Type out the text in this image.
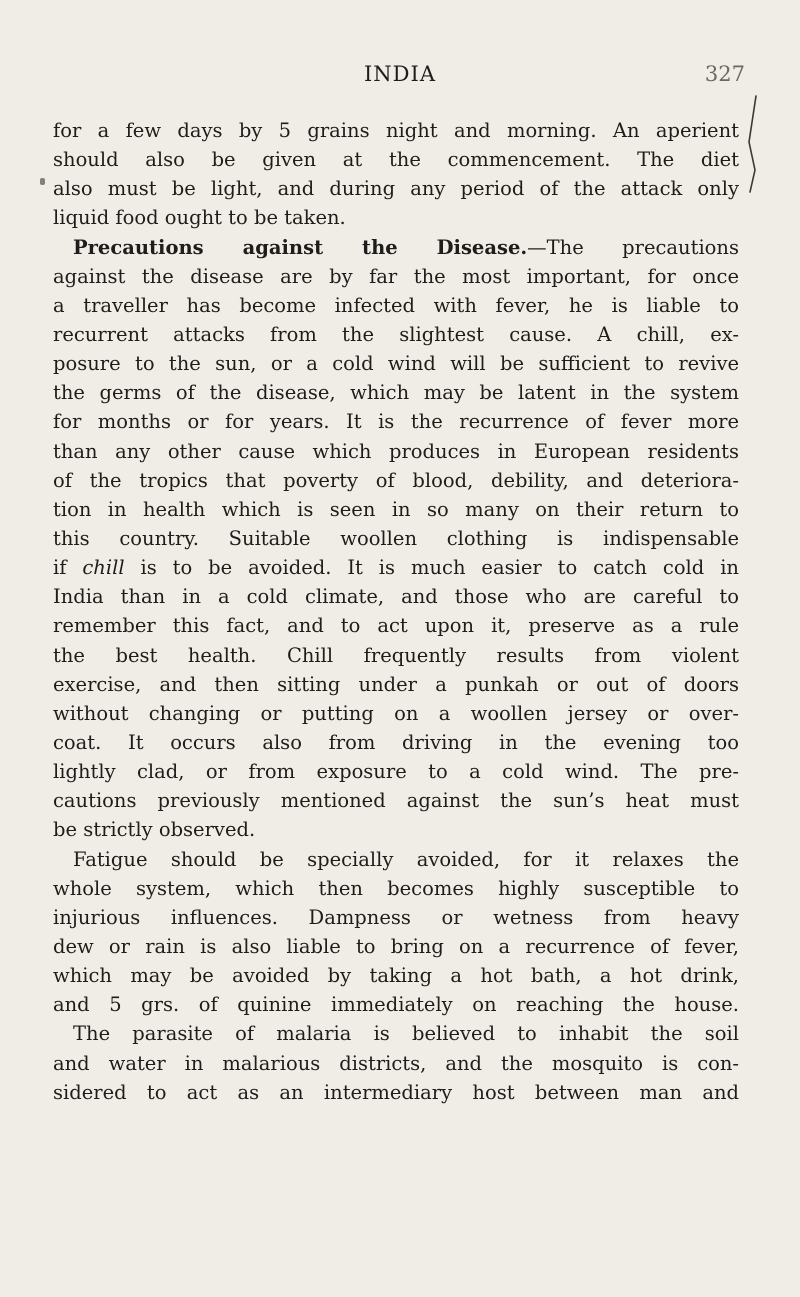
INDIA	327
for a few days by 5 grains night and morning. An aperient
should also be given at the commencement. The diet
also must be light, and during any period of the attack only
liquid food ought to be taken.
Precautions against the Disease.—The precautions
against the disease are by far the most important, for once
a traveller has become infected with fever, he is liable to
recurrent attacks from the slightest cause. A chill, ex-
posure to the sun, or a cold wind will be sufficient to revive
the germs of the disease, which may be latent in the system
for months or for years. It is the recurrence of fever more
than any other cause which produces in European residents
of the tropics that poverty of blood, debility, and deteriora-
tion in health which is seen in so many on their return to
this country. Suitable woollen clothing is indispensable
if chill is to be avoided. It is much easier to catch cold in
India than in a cold climate, and those who are careful to
remember this fact, and to act upon it, preserve as a rule
the best health. Chill frequently results from violent
exercise, and then sitting under a punkah or out of doors
without changing or putting on a woollen jersey or over-
coat. It occurs also from driving in the evening too
lightly clad, or from exposure to a cold wind. The pre-
cautions previously mentioned against the sun’s heat must
be strictly observed.
Fatigue should be specially avoided, for it relaxes the
whole system, which then becomes highly susceptible to
injurious influences. Dampness or wetness from heavy
dew or rain is also liable to bring on a recurrence of fever,
which may be avoided by taking a hot bath, a hot drink,
and 5 grs. of quinine immediately on reaching the house.
The parasite of malaria is believed to inhabit the soil
and water in malarious districts, and the mosquito is con-
sidered to act as an intermediary host between man and
